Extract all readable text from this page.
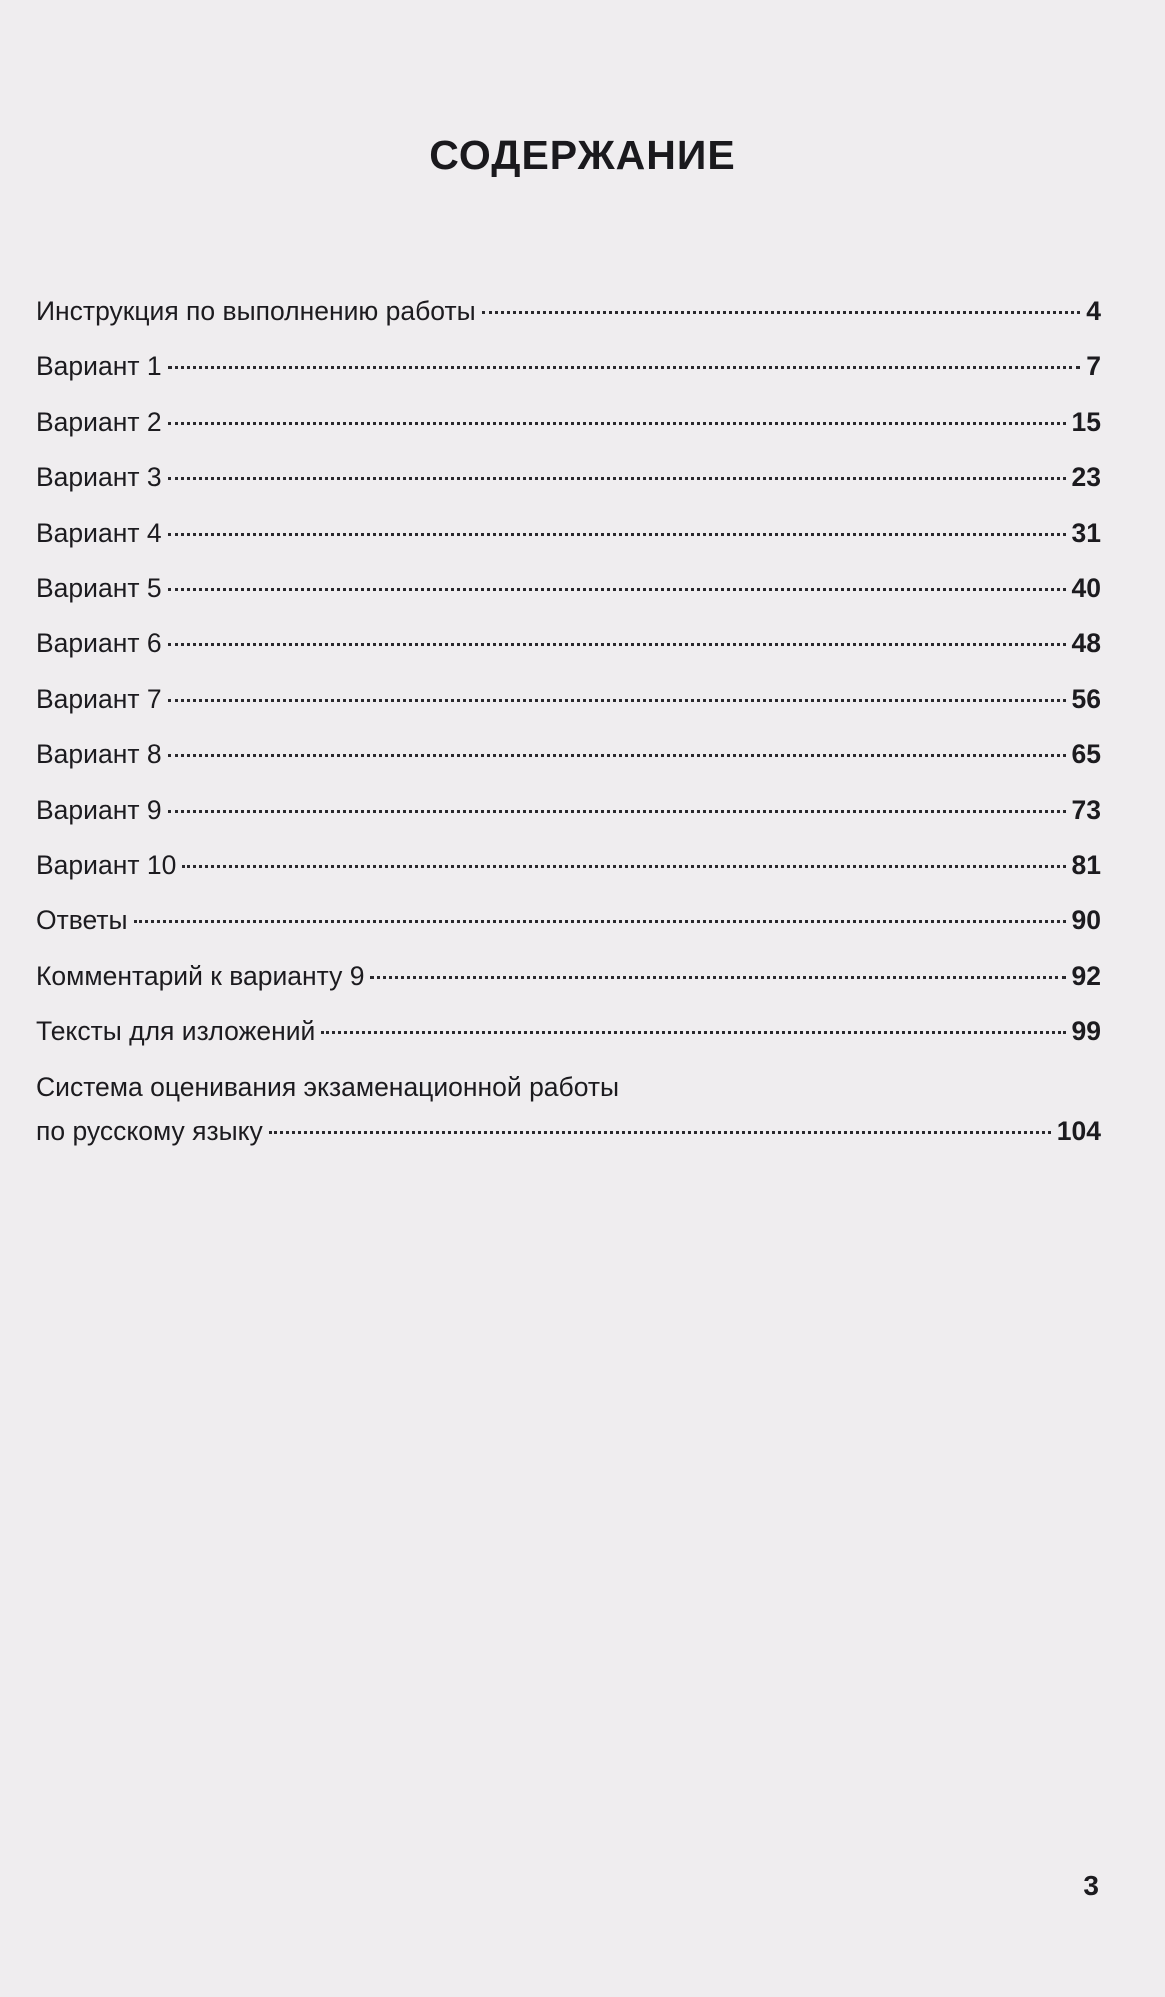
СОДЕРЖАНИЕ
Инструкция по выполнению работы	4
Вариант 1	7
Вариант 2	15
Вариант 3	23
Вариант 4	31
Вариант 5	40
Вариант 6	48
Вариант 7	56
Вариант 8	65
Вариант 9	73
Вариант 10	81
Ответы	90
Комментарий к варианту 9	92
Тексты для изложений	99
Система оценивания экзаменационной работы
по русскому языку	104
3
